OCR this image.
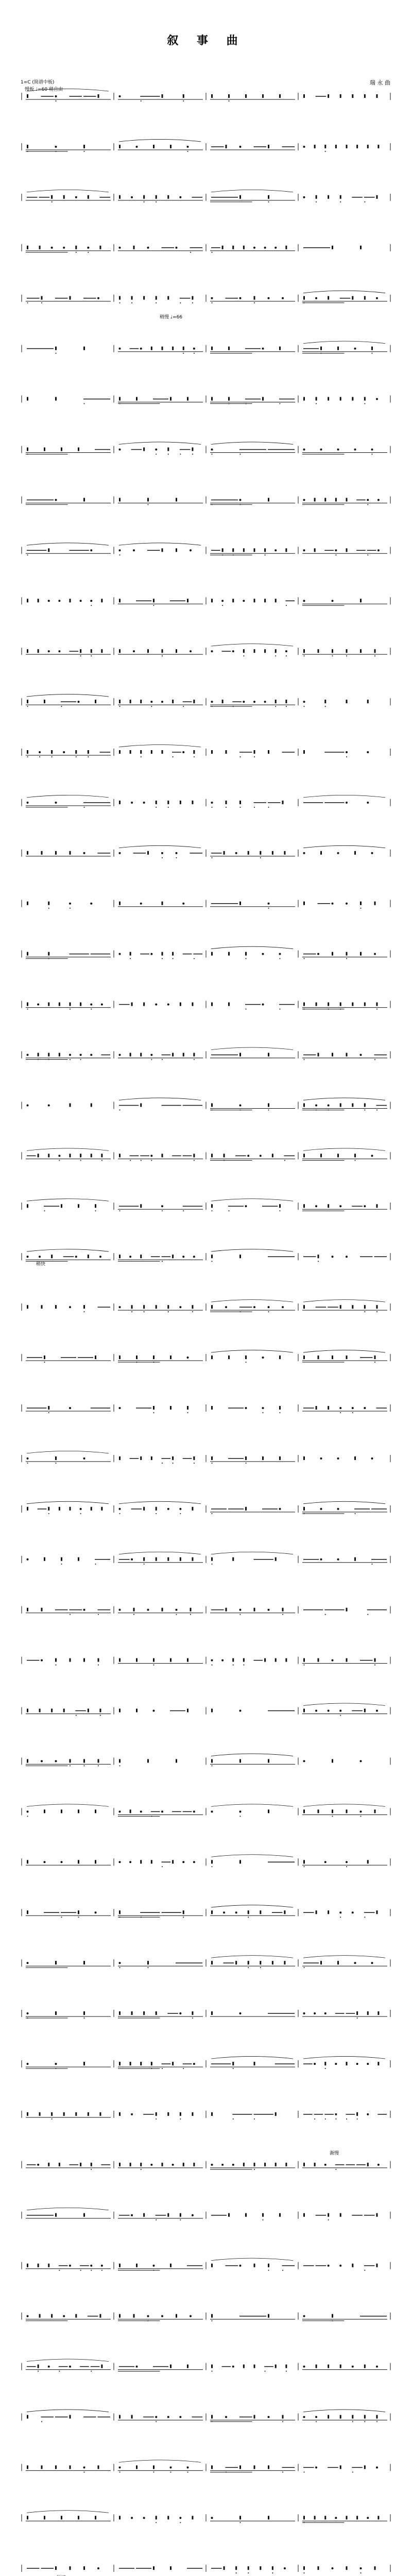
叙 事 曲
瑞 永 曲
1=C (简谱中板)
慢板 ♩=60 稍自由
稍慢 ♩=66
稍快
渐慢
